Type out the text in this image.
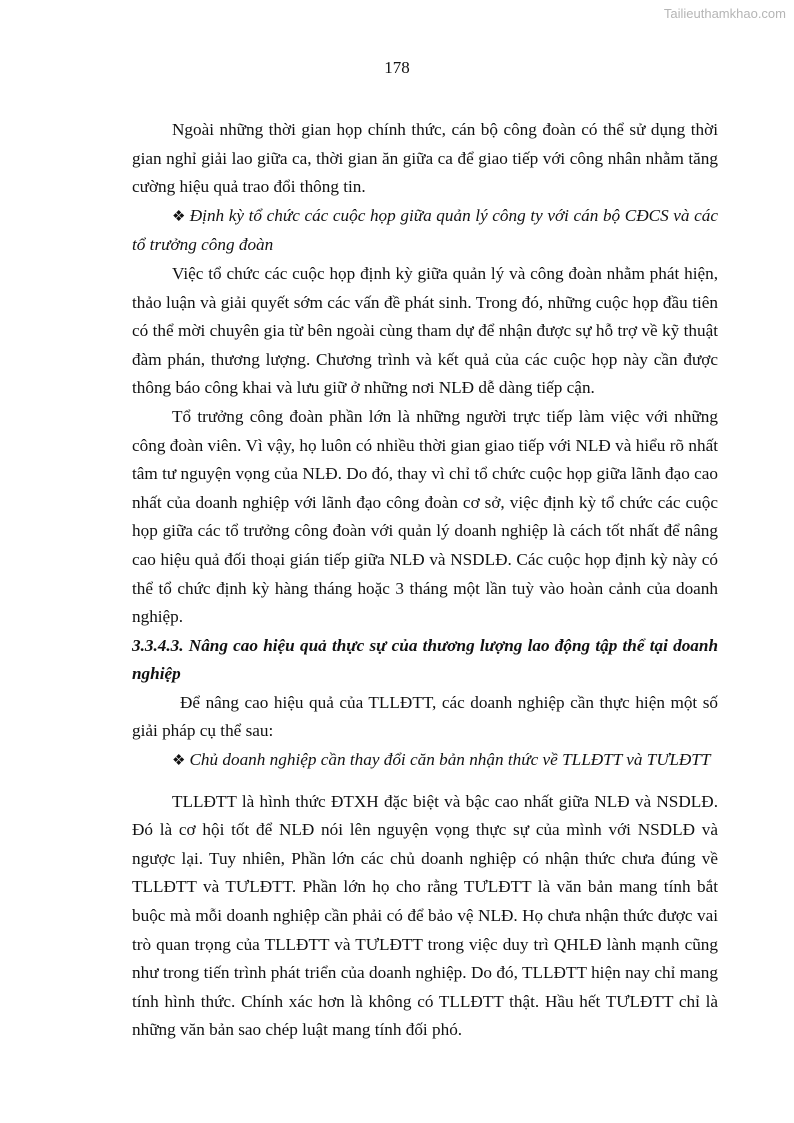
Tailieuthamkhao.com
178

Ngoài những thời gian họp chính thức, cán bộ công đoàn có thể sử dụng thời gian nghỉ giải lao giữa ca, thời gian ăn giữa ca để giao tiếp với công nhân nhằm tăng cường hiệu quả trao đổi thông tin.

❖ Định kỳ tổ chức các cuộc họp giữa quản lý công ty với cán bộ CĐCS và các tổ trưởng công đoàn

Việc tổ chức các cuộc họp định kỳ giữa quản lý và công đoàn nhằm phát hiện, thảo luận và giải quyết sớm các vấn đề phát sinh. Trong đó, những cuộc họp đầu tiên có thể mời chuyên gia từ bên ngoài cùng tham dự để nhận được sự hỗ trợ về kỹ thuật đàm phán, thương lượng. Chương trình và kết quả của các cuộc họp này cần được thông báo công khai và lưu giữ ở những nơi NLĐ dễ dàng tiếp cận.

Tổ trưởng công đoàn phần lớn là những người trực tiếp làm việc với những công đoàn viên. Vì vậy, họ luôn có nhiều thời gian giao tiếp với NLĐ và hiểu rõ nhất tâm tư nguyện vọng của NLĐ. Do đó, thay vì chỉ tổ chức cuộc họp giữa lãnh đạo cao nhất của doanh nghiệp với lãnh đạo công đoàn cơ sở, việc định kỳ tổ chức các cuộc họp giữa các tổ trưởng công đoàn với quản lý doanh nghiệp là cách tốt nhất để nâng cao hiệu quả đối thoại gián tiếp giữa NLĐ và NSDLĐ. Các cuộc họp định kỳ này có thể tổ chức định kỳ hàng tháng hoặc 3 tháng một lần tuỳ vào hoàn cảnh của doanh nghiệp.

3.3.4.3. Nâng cao hiệu quả thực sự của thương lượng lao động tập thể tại doanh nghiệp

Để nâng cao hiệu quả của TLLĐTT, các doanh nghiệp cần thực hiện một số giải pháp cụ thể sau:

❖ Chủ doanh nghiệp cần thay đổi căn bản nhận thức về TLLĐTT và TƯLĐTT

TLLĐTT là hình thức ĐTXH đặc biệt và bậc cao nhất giữa NLĐ và NSDLĐ. Đó là cơ hội tốt để NLĐ nói lên nguyện vọng thực sự của mình với NSDLĐ và ngược lại. Tuy nhiên, Phần lớn các chủ doanh nghiệp có nhận thức chưa đúng về TLLĐTT và TƯLĐTT. Phần lớn họ cho rằng TƯLĐTT là văn bản mang tính bắt buộc mà mỗi doanh nghiệp cần phải có để bảo vệ NLĐ. Họ chưa nhận thức được vai trò quan trọng của TLLĐTT và TƯLĐTT trong việc duy trì QHLĐ lành mạnh cũng như trong tiến trình phát triển của doanh nghiệp. Do đó, TLLĐTT hiện nay chỉ mang tính hình thức. Chính xác hơn là không có TLLĐTT thật. Hầu hết TƯLĐTT chỉ là những văn bản sao chép luật mang tính đối phó.
